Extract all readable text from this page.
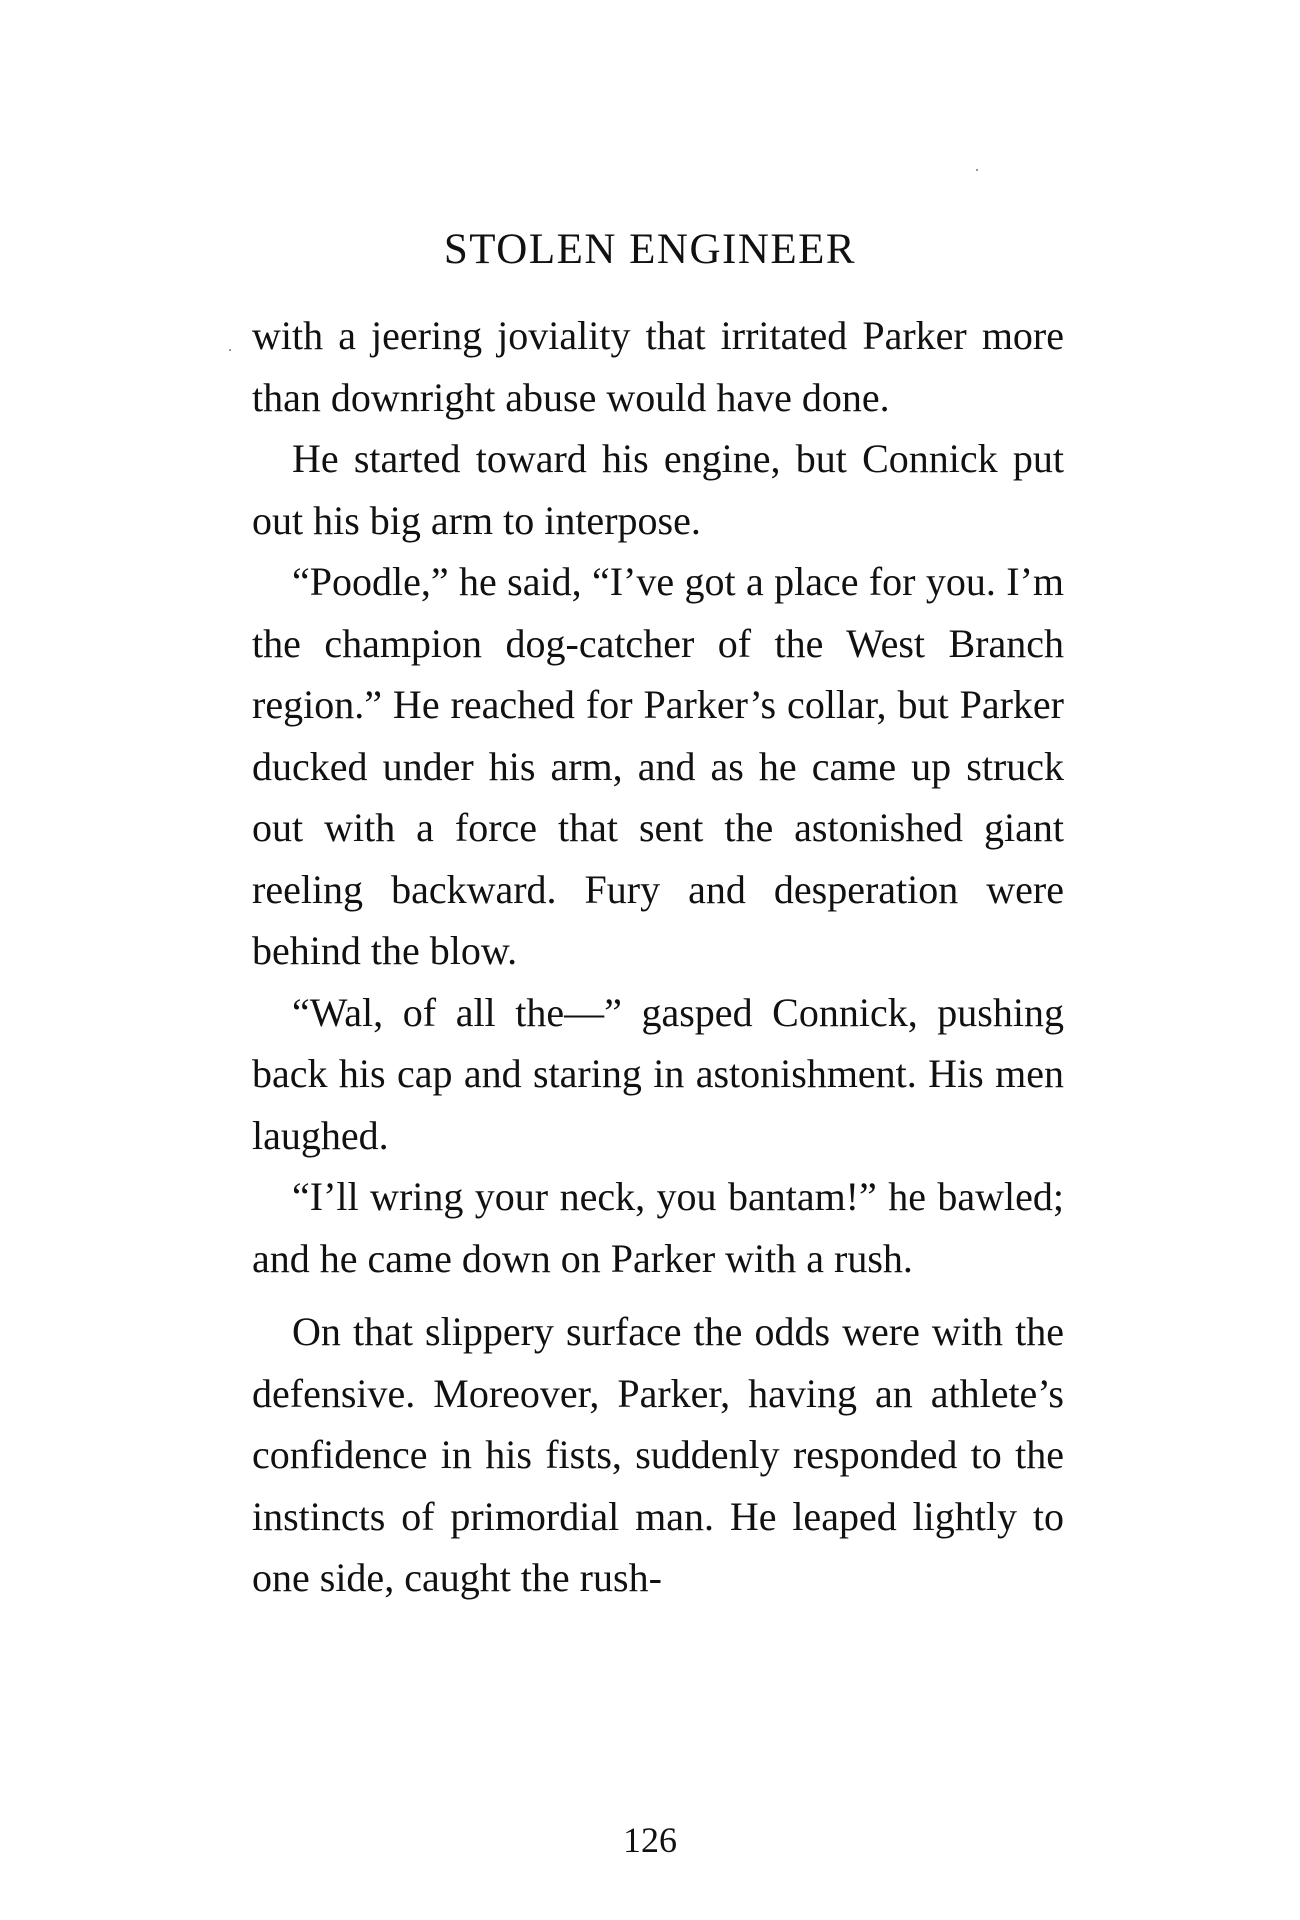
STOLEN ENGINEER

with a jeering joviality that irritated Parker more than downright abuse would have done.

He started toward his engine, but Connick put out his big arm to interpose.

“Poodle,” he said, “I’ve got a place for you. I’m the champion dog-catcher of the West Branch region.” He reached for Parker’s collar, but Parker ducked under his arm, and as he came up struck out with a force that sent the astonished giant reeling backward. Fury and desperation were behind the blow.

“Wal, of all the—” gasped Connick, pushing back his cap and staring in astonishment. His men laughed.

“I’ll wring your neck, you bantam!” he bawled; and he came down on Parker with a rush.

On that slippery surface the odds were with the defensive. Moreover, Parker, having an athlete’s confidence in his fists, suddenly responded to the instincts of primordial man. He leaped lightly to one side, caught the rush-

126
